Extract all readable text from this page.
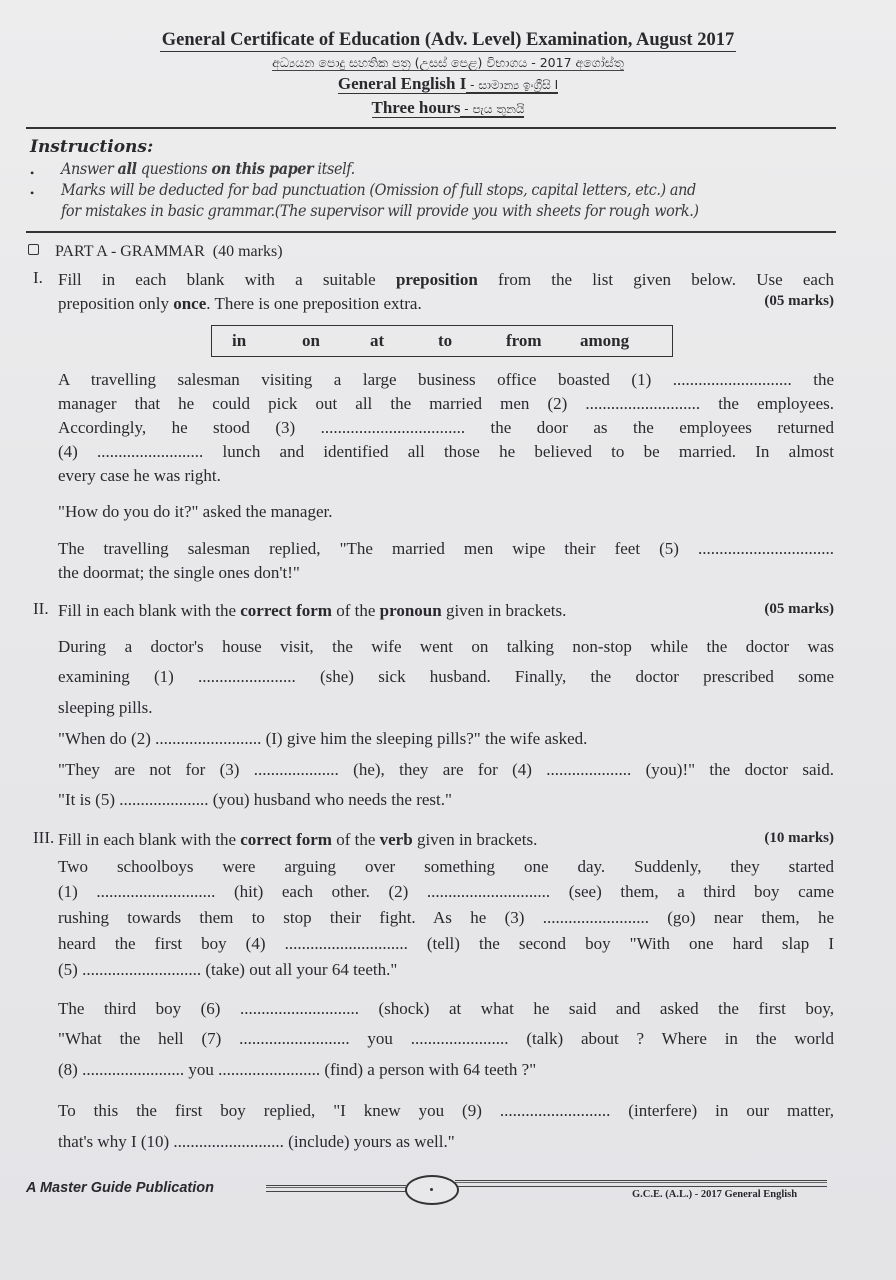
General Certificate of Education (Adv. Level) Examination, August 2017
අධ්‍යයන පොදු සහතික පත්‍ර (උසස් පෙළ) විභාගය - 2017 අගෝස්තු
General English I - සාමාන්‍ය ඉංග්‍රීසි I
Three hours - පැය තුනයි
Instructions:
• Answer all questions on this paper itself.
• Marks will be deducted for bad punctuation (Omission of full stops, capital letters, etc.) and
for mistakes in basic grammar.(The supervisor will provide you with sheets for rough work.)
PART A - GRAMMAR (40 marks)
I. Fill in each blank with a suitable preposition from the list given below. Use each
preposition only once. There is one preposition extra.	(05 marks)
in	on	at	to	from among
A travelling salesman visiting a large business office boasted (1) ............................ the
manager that he could pick out all the married men (2) ........................... the employees.
Accordingly, he stood (3) .................................. the door as the employees returned
(4) ......................... lunch and identified all those he believed to be married. In almost
every case he was right.
"How do you do it?" asked the manager.
The travelling salesman replied, "The married men wipe their feet (5) ................................
the doormat; the single ones don't!"
II. Fill in each blank with the correct form of the pronoun given in brackets.	(05 marks)
During a doctor's house visit, the wife went on talking non-stop while the doctor was
examining (1) ....................... (she) sick husband. Finally, the doctor prescribed some
sleeping pills.
"When do (2) ......................... (I) give him the sleeping pills?" the wife asked.
"They are not for (3) .................... (he), they are for (4) .................... (you)!" the doctor said.
"It is (5) ..................... (you) husband who needs the rest."
III. Fill in each blank with the correct form of the verb given in brackets.	(10 marks)
Two schoolboys were arguing over something one day. Suddenly, they started
(1) ............................ (hit) each other. (2) ............................. (see) them, a third boy came
rushing towards them to stop their fight. As he (3) ......................... (go) near them, he
heard the first boy (4) ............................. (tell) the second boy "With one hard slap I
(5) ............................ (take) out all your 64 teeth."
The third boy (6) ............................ (shock) at what he said and asked the first boy,
"What the hell (7) .......................... you ....................... (talk) about ? Where in the world
(8) ........................ you ........................ (find) a person with 64 teeth ?"
To this the first boy replied, "I knew you (9) .......................... (interfere) in our matter,
that's why I (10) .......................... (include) yours as well."
A Master Guide Publication	G.C.E. (A.L.) - 2017 General English
